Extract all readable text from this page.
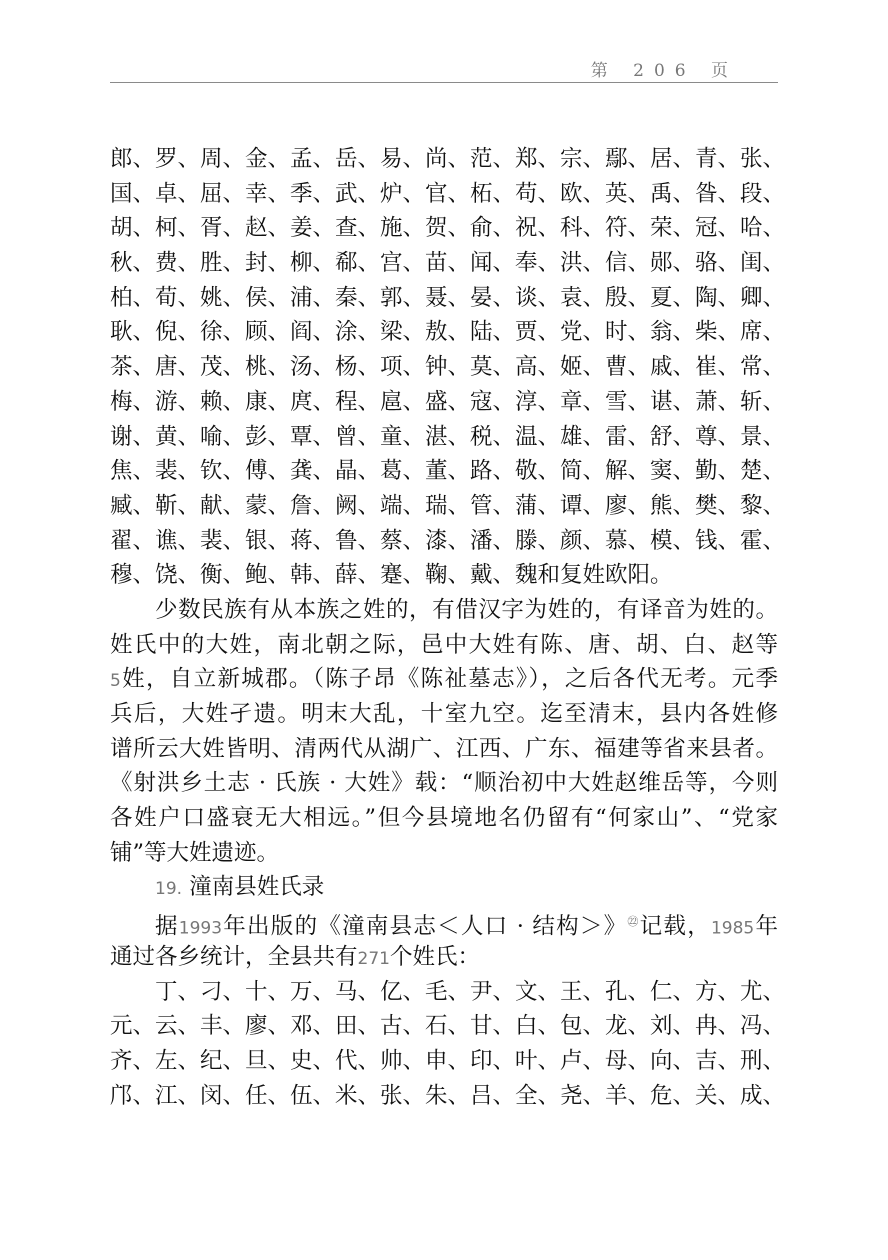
第 206 页
郎、罗、周、金、孟、岳、易、尚、范、郑、宗、鄢、居、青、张、
国、卓、屈、幸、季、武、炉、官、柘、苟、欧、英、禹、昝、段、
胡、柯、胥、赵、姜、查、施、贺、俞、祝、科、符、荣、冠、哈、
秋、费、胜、封、柳、郗、宫、苗、闻、奉、洪、信、郧、骆、闺、
柏、荀、姚、侯、浦、秦、郭、聂、晏、谈、袁、殷、夏、陶、卿、
耿、倪、徐、顾、阎、涂、梁、敖、陆、贾、党、时、翁、柴、席、
茶、唐、茂、桃、汤、杨、项、钟、莫、高、姬、曹、戚、崔、常、
梅、游、赖、康、庹、程、扈、盛、寇、淳、章、雪、谌、萧、斩、
谢、黄、喻、彭、覃、曾、童、湛、税、温、雄、雷、舒、尊、景、
焦、裴、钦、傅、龚、晶、葛、董、路、敬、简、解、窦、勤、楚、
臧、靳、献、蒙、詹、阙、端、瑞、管、蒲、谭、廖、熊、樊、黎、
翟、谯、裴、银、蒋、鲁、蔡、漆、潘、滕、颜、慕、模、钱、霍、
穆、饶、衡、鲍、韩、薛、蹇、鞠、戴、魏和复姓欧阳。
少数民族有从本族之姓的，有借汉字为姓的，有译音为姓的。
姓氏中的大姓，南北朝之际，邑中大姓有陈、唐、胡、白、赵等
5姓，自立新城郡。（陈子昂《陈祉墓志》），之后各代无考。元季
兵后，大姓孑遗。明末大乱，十室九空。迄至清末，县内各姓修
谱所云大姓皆明、清两代从湖广、江西、广东、福建等省来县者。
《射洪乡土志 · 氏族 · 大姓》载：“顺治初中大姓赵维岳等，今则
各姓户口盛衰无大相远。”但今县境地名仍留有“何家山”、“党家
铺”等大姓遗迹。
19. 潼南县姓氏录
据1993年出版的《潼南县志＜人口 · 结构＞》$^㉒$记载，1985年
通过各乡统计，全县共有271个姓氏：
丁、刁、十、万、马、亿、毛、尹、文、王、孔、仁、方、尤、
元、云、丰、廖、邓、田、古、石、甘、白、包、龙、刘、冉、冯、
齐、左、纪、旦、史、代、帅、申、印、叶、卢、母、向、吉、刑、
邝、江、闵、任、伍、米、张、朱、吕、全、尧、羊、危、关、成、
